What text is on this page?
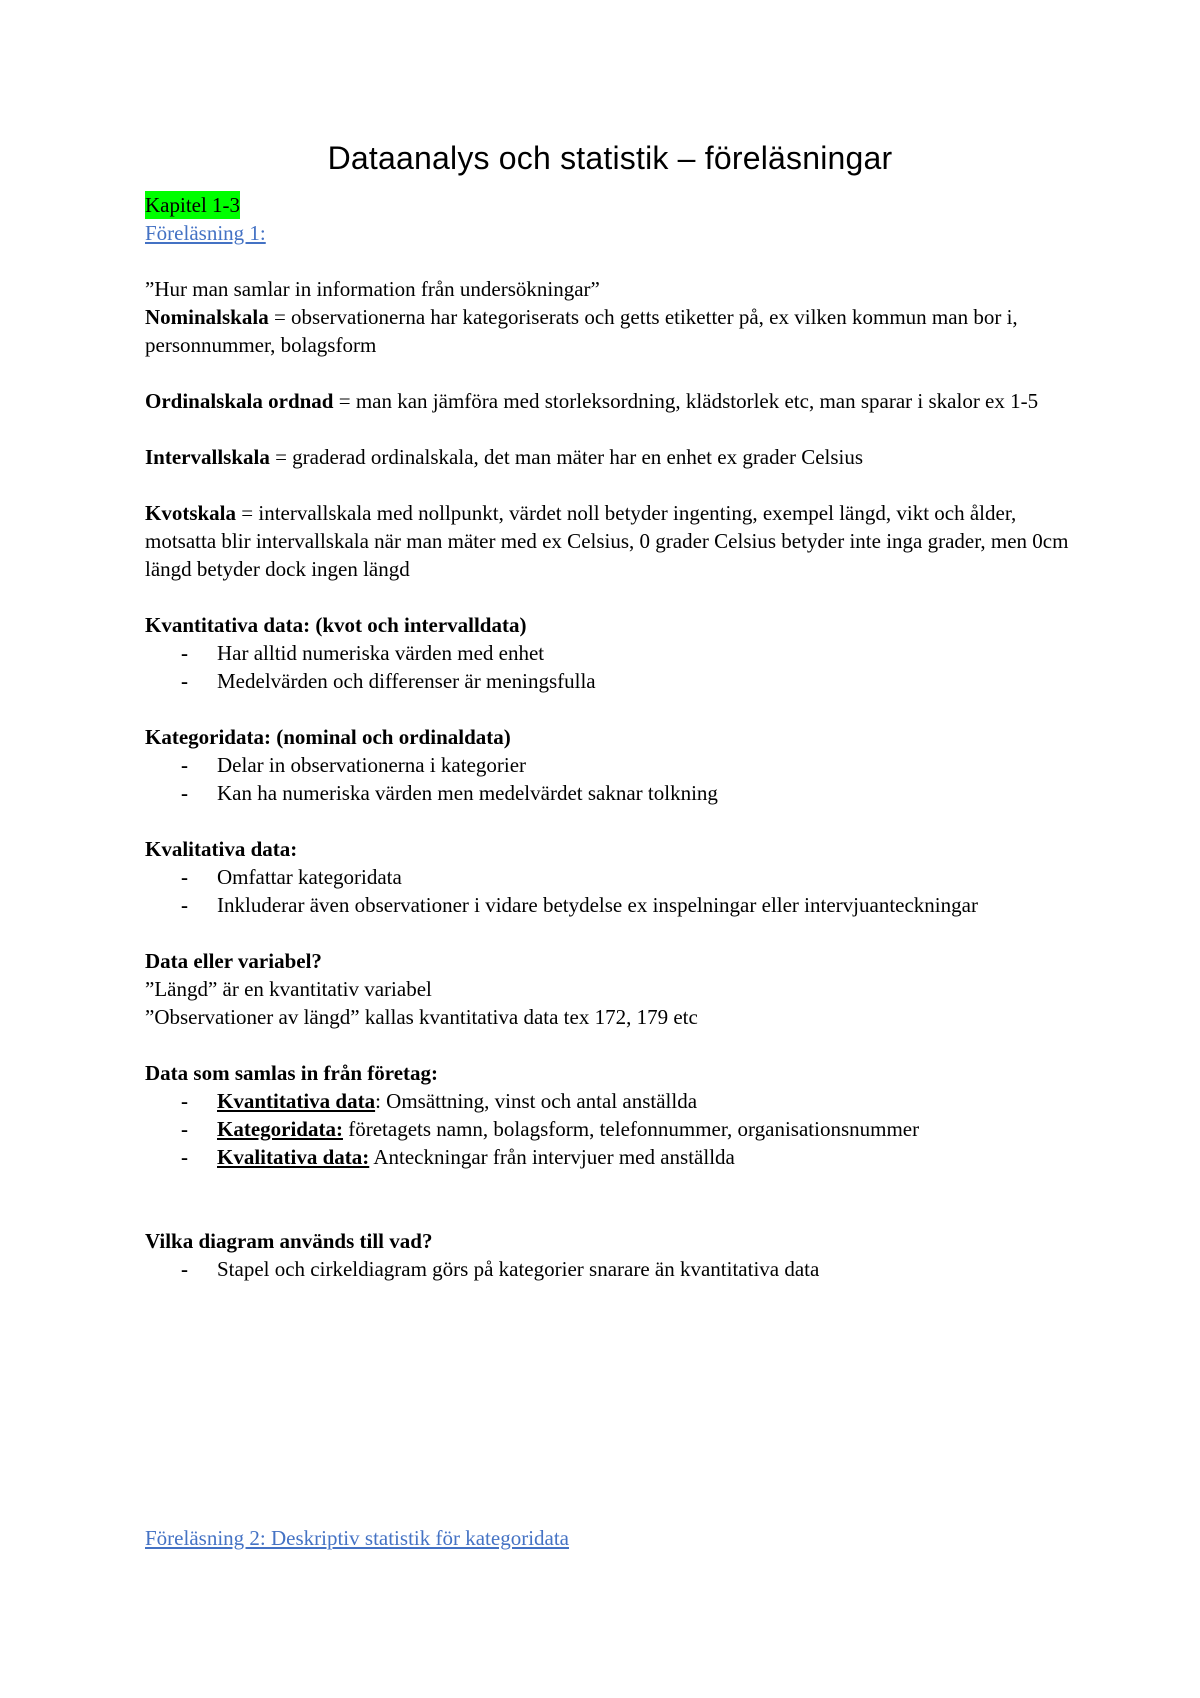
Dataanalys och statistik – föreläsningar
Kapitel 1-3
Föreläsning 1:

”Hur man samlar in information från undersökningar”

Nominalskala = observationerna har kategoriserats och getts etiketter på, ex vilken kommun man bor i, personnummer, bolagsform

Ordinalskala ordnad = man kan jämföra med storleksordning, klädstorlek etc, man sparar i skalor ex 1-5

Intervallskala = graderad ordinalskala, det man mäter har en enhet ex grader Celsius

Kvotskala = intervallskala med nollpunkt, värdet noll betyder ingenting, exempel längd, vikt och ålder, motsatta blir intervallskala när man mäter med ex Celsius, 0 grader Celsius betyder inte inga grader, men 0cm längd betyder dock ingen längd

Kvantitativa data: (kvot och intervalldata)

- Har alltid numeriska värden med enhet
- Medelvärden och differenser är meningsfulla

Kategoridata: (nominal och ordinaldata)

- Delar in observationerna i kategorier
- Kan ha numeriska värden men medelvärdet saknar tolkning

Kvalitativa data:

- Omfattar kategoridata
- Inkluderar även observationer i vidare betydelse ex inspelningar eller intervjuanteckningar

Data eller variabel?

”Längd” är en kvantitativ variabel

”Observationer av längd” kallas kvantitativa data tex 172, 179 etc

Data som samlas in från företag:

- Kvantitativa data: Omsättning, vinst och antal anställda
- Kategoridata: företagets namn, bolagsform, telefonnummer, organisationsnummer
- Kvalitativa data: Anteckningar från intervjuer med anställda

Vilka diagram används till vad?

- Stapel och cirkeldiagram görs på kategorier snarare än kvantitativa data
Föreläsning 2: Deskriptiv statistik för kategoridata
